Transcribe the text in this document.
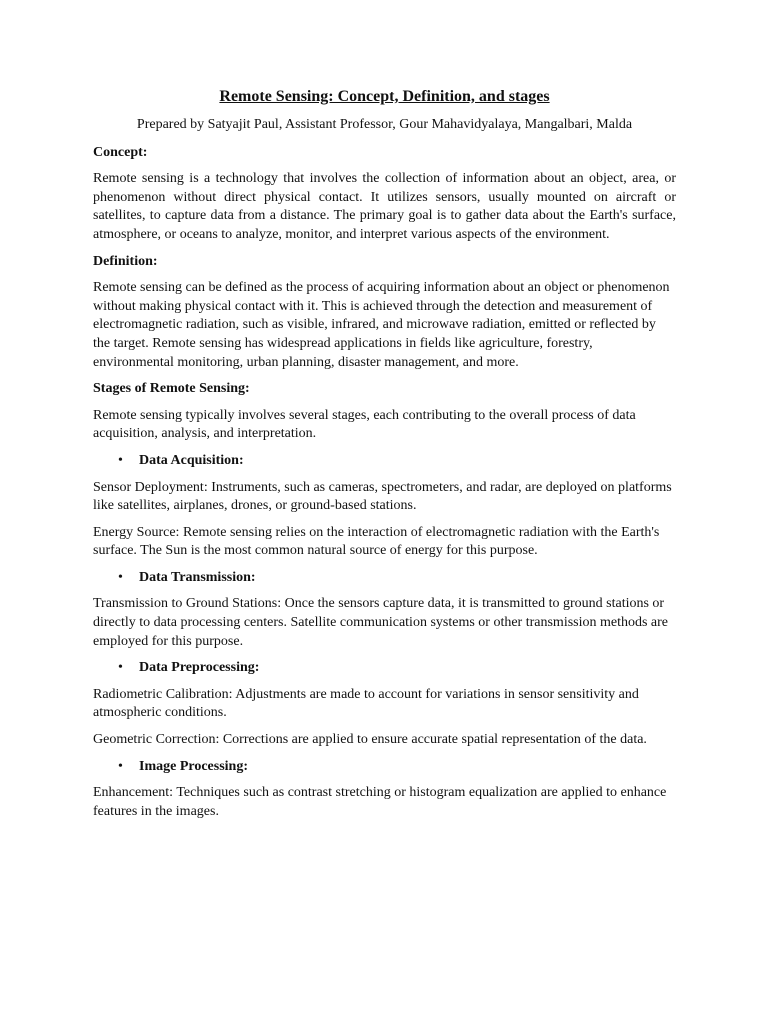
Remote Sensing: Concept, Definition, and stages
Prepared by Satyajit Paul, Assistant Professor, Gour Mahavidyalaya, Mangalbari, Malda
Concept:
Remote sensing is a technology that involves the collection of information about an object, area, or phenomenon without direct physical contact. It utilizes sensors, usually mounted on aircraft or satellites, to capture data from a distance. The primary goal is to gather data about the Earth's surface, atmosphere, or oceans to analyze, monitor, and interpret various aspects of the environment.
Definition:
Remote sensing can be defined as the process of acquiring information about an object or phenomenon without making physical contact with it. This is achieved through the detection and measurement of electromagnetic radiation, such as visible, infrared, and microwave radiation, emitted or reflected by the target. Remote sensing has widespread applications in fields like agriculture, forestry, environmental monitoring, urban planning, disaster management, and more.
Stages of Remote Sensing:
Remote sensing typically involves several stages, each contributing to the overall process of data acquisition, analysis, and interpretation.
• Data Acquisition:
Sensor Deployment: Instruments, such as cameras, spectrometers, and radar, are deployed on platforms like satellites, airplanes, drones, or ground-based stations.
Energy Source: Remote sensing relies on the interaction of electromagnetic radiation with the Earth's surface. The Sun is the most common natural source of energy for this purpose.
• Data Transmission:
Transmission to Ground Stations: Once the sensors capture data, it is transmitted to ground stations or directly to data processing centers. Satellite communication systems or other transmission methods are employed for this purpose.
• Data Preprocessing:
Radiometric Calibration: Adjustments are made to account for variations in sensor sensitivity and atmospheric conditions.
Geometric Correction: Corrections are applied to ensure accurate spatial representation of the data.
• Image Processing:
Enhancement: Techniques such as contrast stretching or histogram equalization are applied to enhance features in the images.
